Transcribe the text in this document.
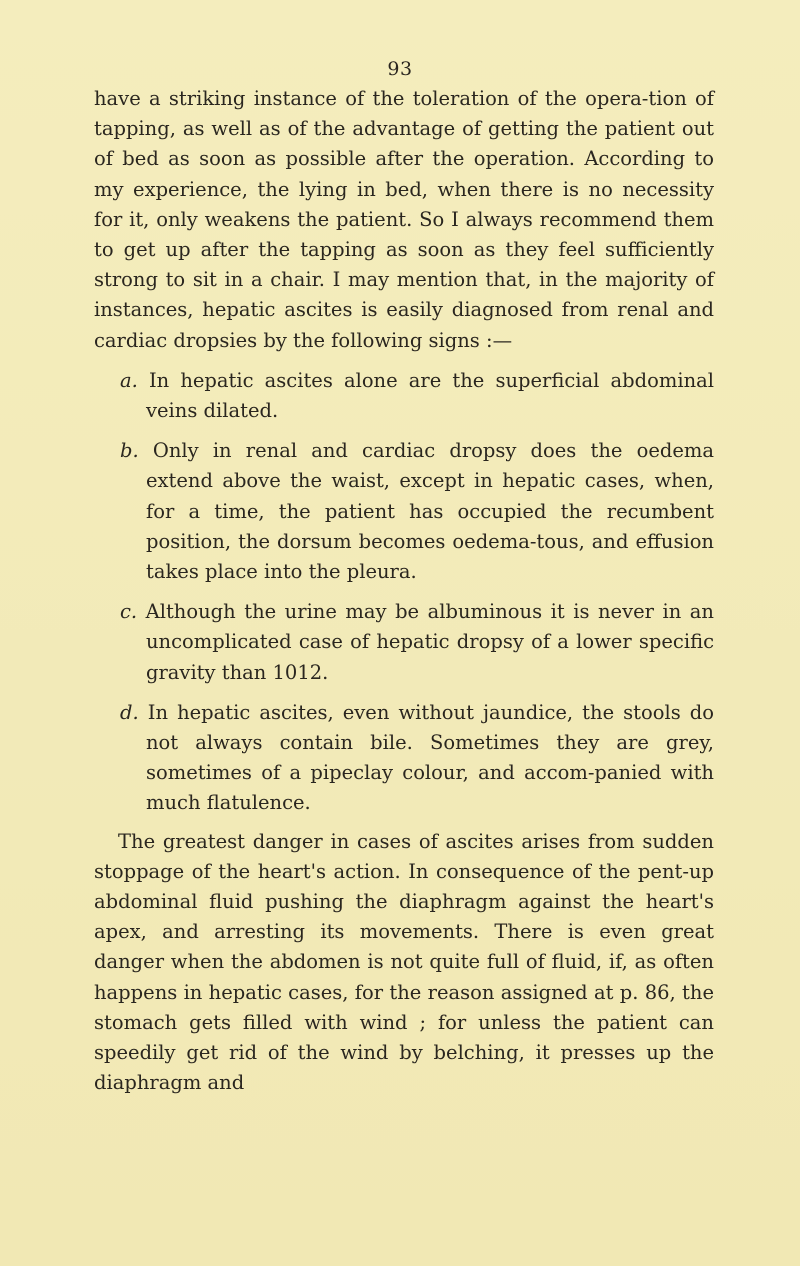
93

have a striking instance of the toleration of the opera-tion of tapping, as well as of the advantage of getting the patient out of bed as soon as possible after the operation. According to my experience, the lying in bed, when there is no necessity for it, only weakens the patient. So I always recommend them to get up after the tapping as soon as they feel sufficiently strong to sit in a chair. I may mention that, in the majority of instances, hepatic ascites is easily diagnosed from renal and cardiac dropsies by the following signs :—

a. In hepatic ascites alone are the superficial abdominal veins dilated.

b. Only in renal and cardiac dropsy does the oedema extend above the waist, except in hepatic cases, when, for a time, the patient has occupied the recumbent position, the dorsum becomes oedema-tous, and effusion takes place into the pleura.

c. Although the urine may be albuminous it is never in an uncomplicated case of hepatic dropsy of a lower specific gravity than 1012.

d. In hepatic ascites, even without jaundice, the stools do not always contain bile. Sometimes they are grey, sometimes of a pipeclay colour, and accom-panied with much flatulence.

The greatest danger in cases of ascites arises from sudden stoppage of the heart's action. In consequence of the pent-up abdominal fluid pushing the diaphragm against the heart's apex, and arresting its movements. There is even great danger when the abdomen is not quite full of fluid, if, as often happens in hepatic cases, for the reason assigned at p. 86, the stomach gets filled with wind ; for unless the patient can speedily get rid of the wind by belching, it presses up the diaphragm and
